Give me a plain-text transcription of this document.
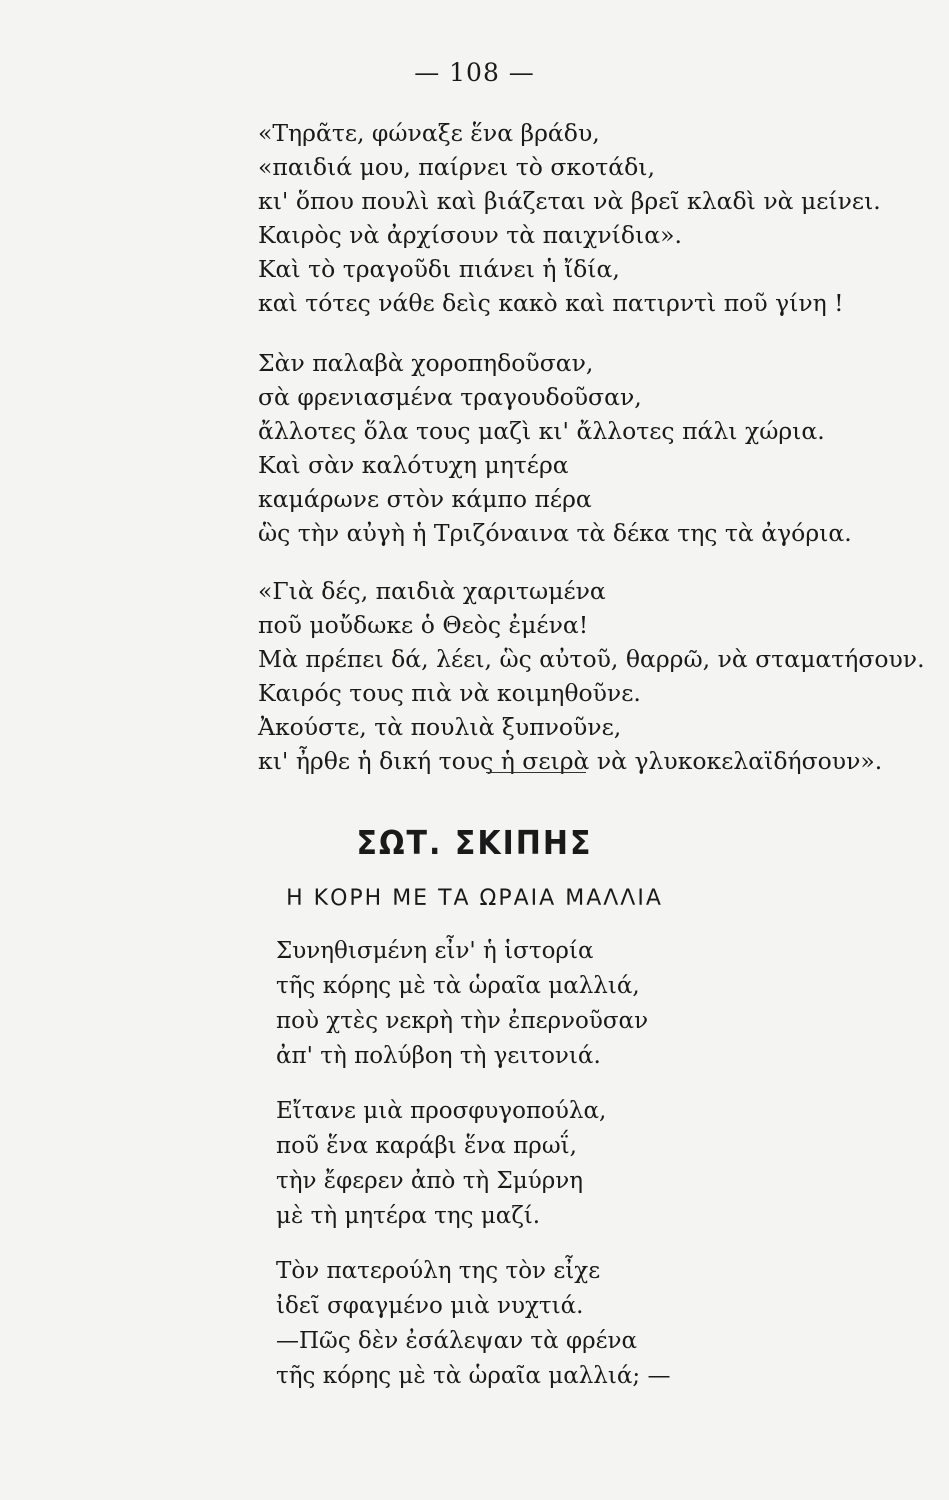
— 108 —
«Τηρᾶτε, φώναξε ἕνα βράδυ,
«παιδιά μου, παίρνει τὸ σκοτάδι,
κι' ὅπου πουλὶ καὶ βιάζεται νὰ βρεῖ κλαδὶ νὰ μείνει.
Καιρὸς νὰ ἀρχίσουν τὰ παιχνίδια».
Καὶ τὸ τραγοῦδι πιάνει ἡ ἴδία,
καὶ τότες νάθε δεὶς κακὸ καὶ πατιρντὶ ποῦ γίνη !
Σὰν παλαβὰ χοροπηδοῦσαν,
σὰ φρενιασμένα τραγουδοῦσαν,
ἄλλοτες ὅλα τους μαζὶ κι' ἄλλοτες πάλι χώρια.
Καὶ σὰν καλότυχη μητέρα
καμάρωνε στὸν κάμπο πέρα
ὣς τὴν αὐγὴ ἡ Τριζόναινα τὰ δέκα της τὰ ἀγόρια.
«Γιὰ δές, παιδιὰ χαριτωμένα
ποῦ μοὔδωκε ὁ Θεὸς ἐμένα!
Μὰ πρέπει δά, λέει, ὣς αὐτοῦ, θαρρῶ, νὰ σταματήσουν.
Καιρός τους πιὰ νὰ κοιμηθοῦνε.
Ἀκούστε, τὰ πουλιὰ ξυπνοῦνε,
κι' ἦρθε ἡ δική τους ἡ σειρὰ νὰ γλυκοκελαϊδήσουν».
ΣΩΤ. ΣΚΙΠΗΣ
Η ΚΟΡΗ ΜΕ ΤΑ ΩΡΑΙΑ ΜΑΛΛΙΑ
Συνηθισμένη εἶν' ἡ ἱστορία
τῆς κόρης μὲ τὰ ὡραῖα μαλλιά,
ποὺ χτὲς νεκρὴ τὴν ἐπερνοῦσαν
ἀπ' τὴ πολύβοη τὴ γειτονιά.
Εἴτανε μιὰ προσφυγοπούλα,
ποῦ ἕνα καράβι ἕνα πρωΐ,
τὴν ἔφερεν ἀπὸ τὴ Σμύρνη
μὲ τὴ μητέρα της μαζί.
Τὸν πατερούλη της τὸν εἶχε
ἰδεῖ σφαγμένο μιὰ νυχτιά.
—Πῶς δὲν ἐσάλεψαν τὰ φρένα
τῆς κόρης μὲ τὰ ὡραῖα μαλλιά; —
